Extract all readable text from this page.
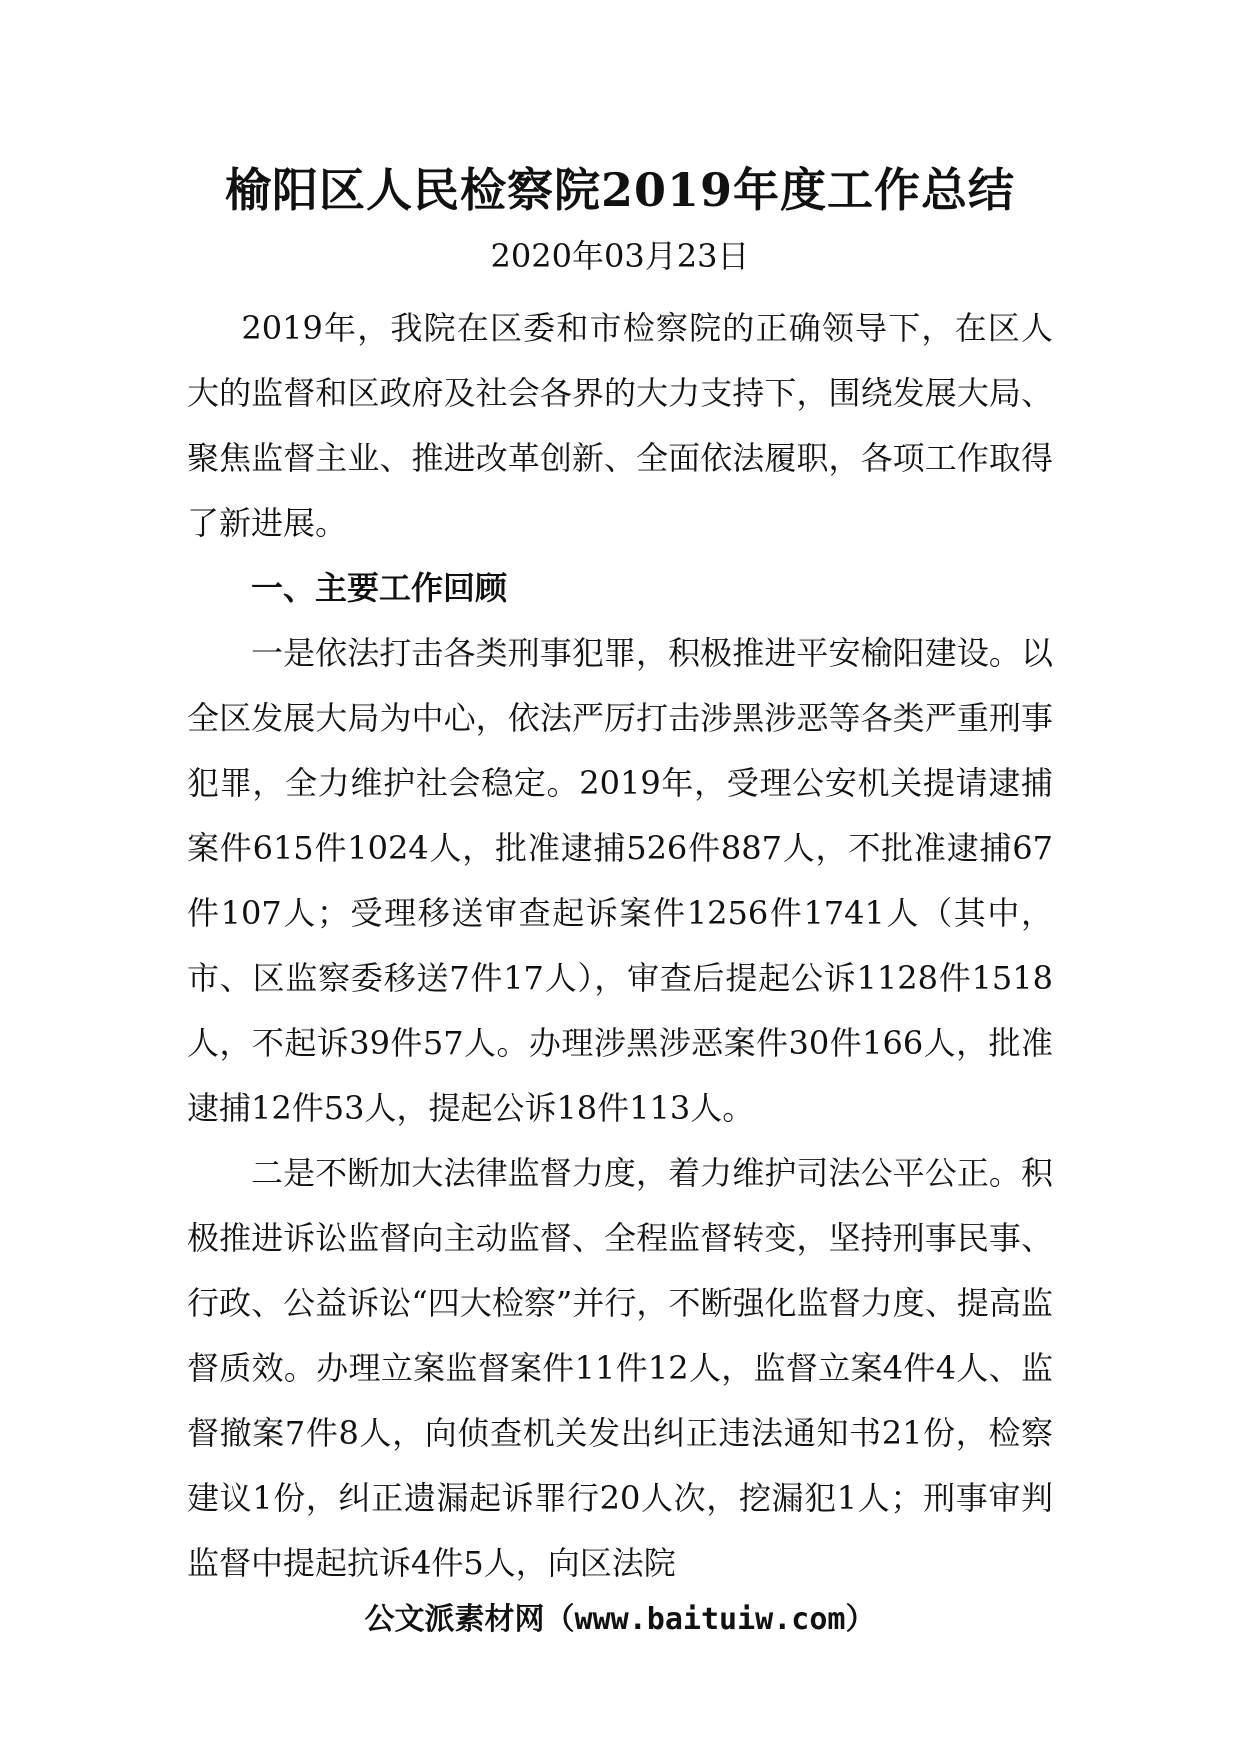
榆阳区人民检察院2019年度工作总结
2020年03月23日

2019年，我院在区委和市检察院的正确领导下，在区人大的监督和区政府及社会各界的大力支持下，围绕发展大局、聚焦监督主业、推进改革创新、全面依法履职，各项工作取得了新进展。

一、主要工作回顾

一是依法打击各类刑事犯罪，积极推进平安榆阳建设。以全区发展大局为中心，依法严厉打击涉黑涉恶等各类严重刑事犯罪，全力维护社会稳定。2019年，受理公安机关提请逮捕案件615件1024人，批准逮捕526件887人，不批准逮捕67件107人；受理移送审查起诉案件1256件1741人（其中，市、区监察委移送7件17人），审查后提起公诉1128件1518人，不起诉39件57人。办理涉黑涉恶案件30件166人，批准逮捕12件53人，提起公诉18件113人。

二是不断加大法律监督力度，着力维护司法公平公正。积极推进诉讼监督向主动监督、全程监督转变，坚持刑事民事、行政、公益诉讼“四大检察”并行，不断强化监督力度、提高监督质效。办理立案监督案件11件12人，监督立案4件4人、监督撤案7件8人，向侦查机关发出纠正违法通知书21份，检察建议1份，纠正遗漏起诉罪行20人次，挖漏犯1人；刑事审判监督中提起抗诉4件5人，向区法院

公文派素材网（www.baituiw.com）
